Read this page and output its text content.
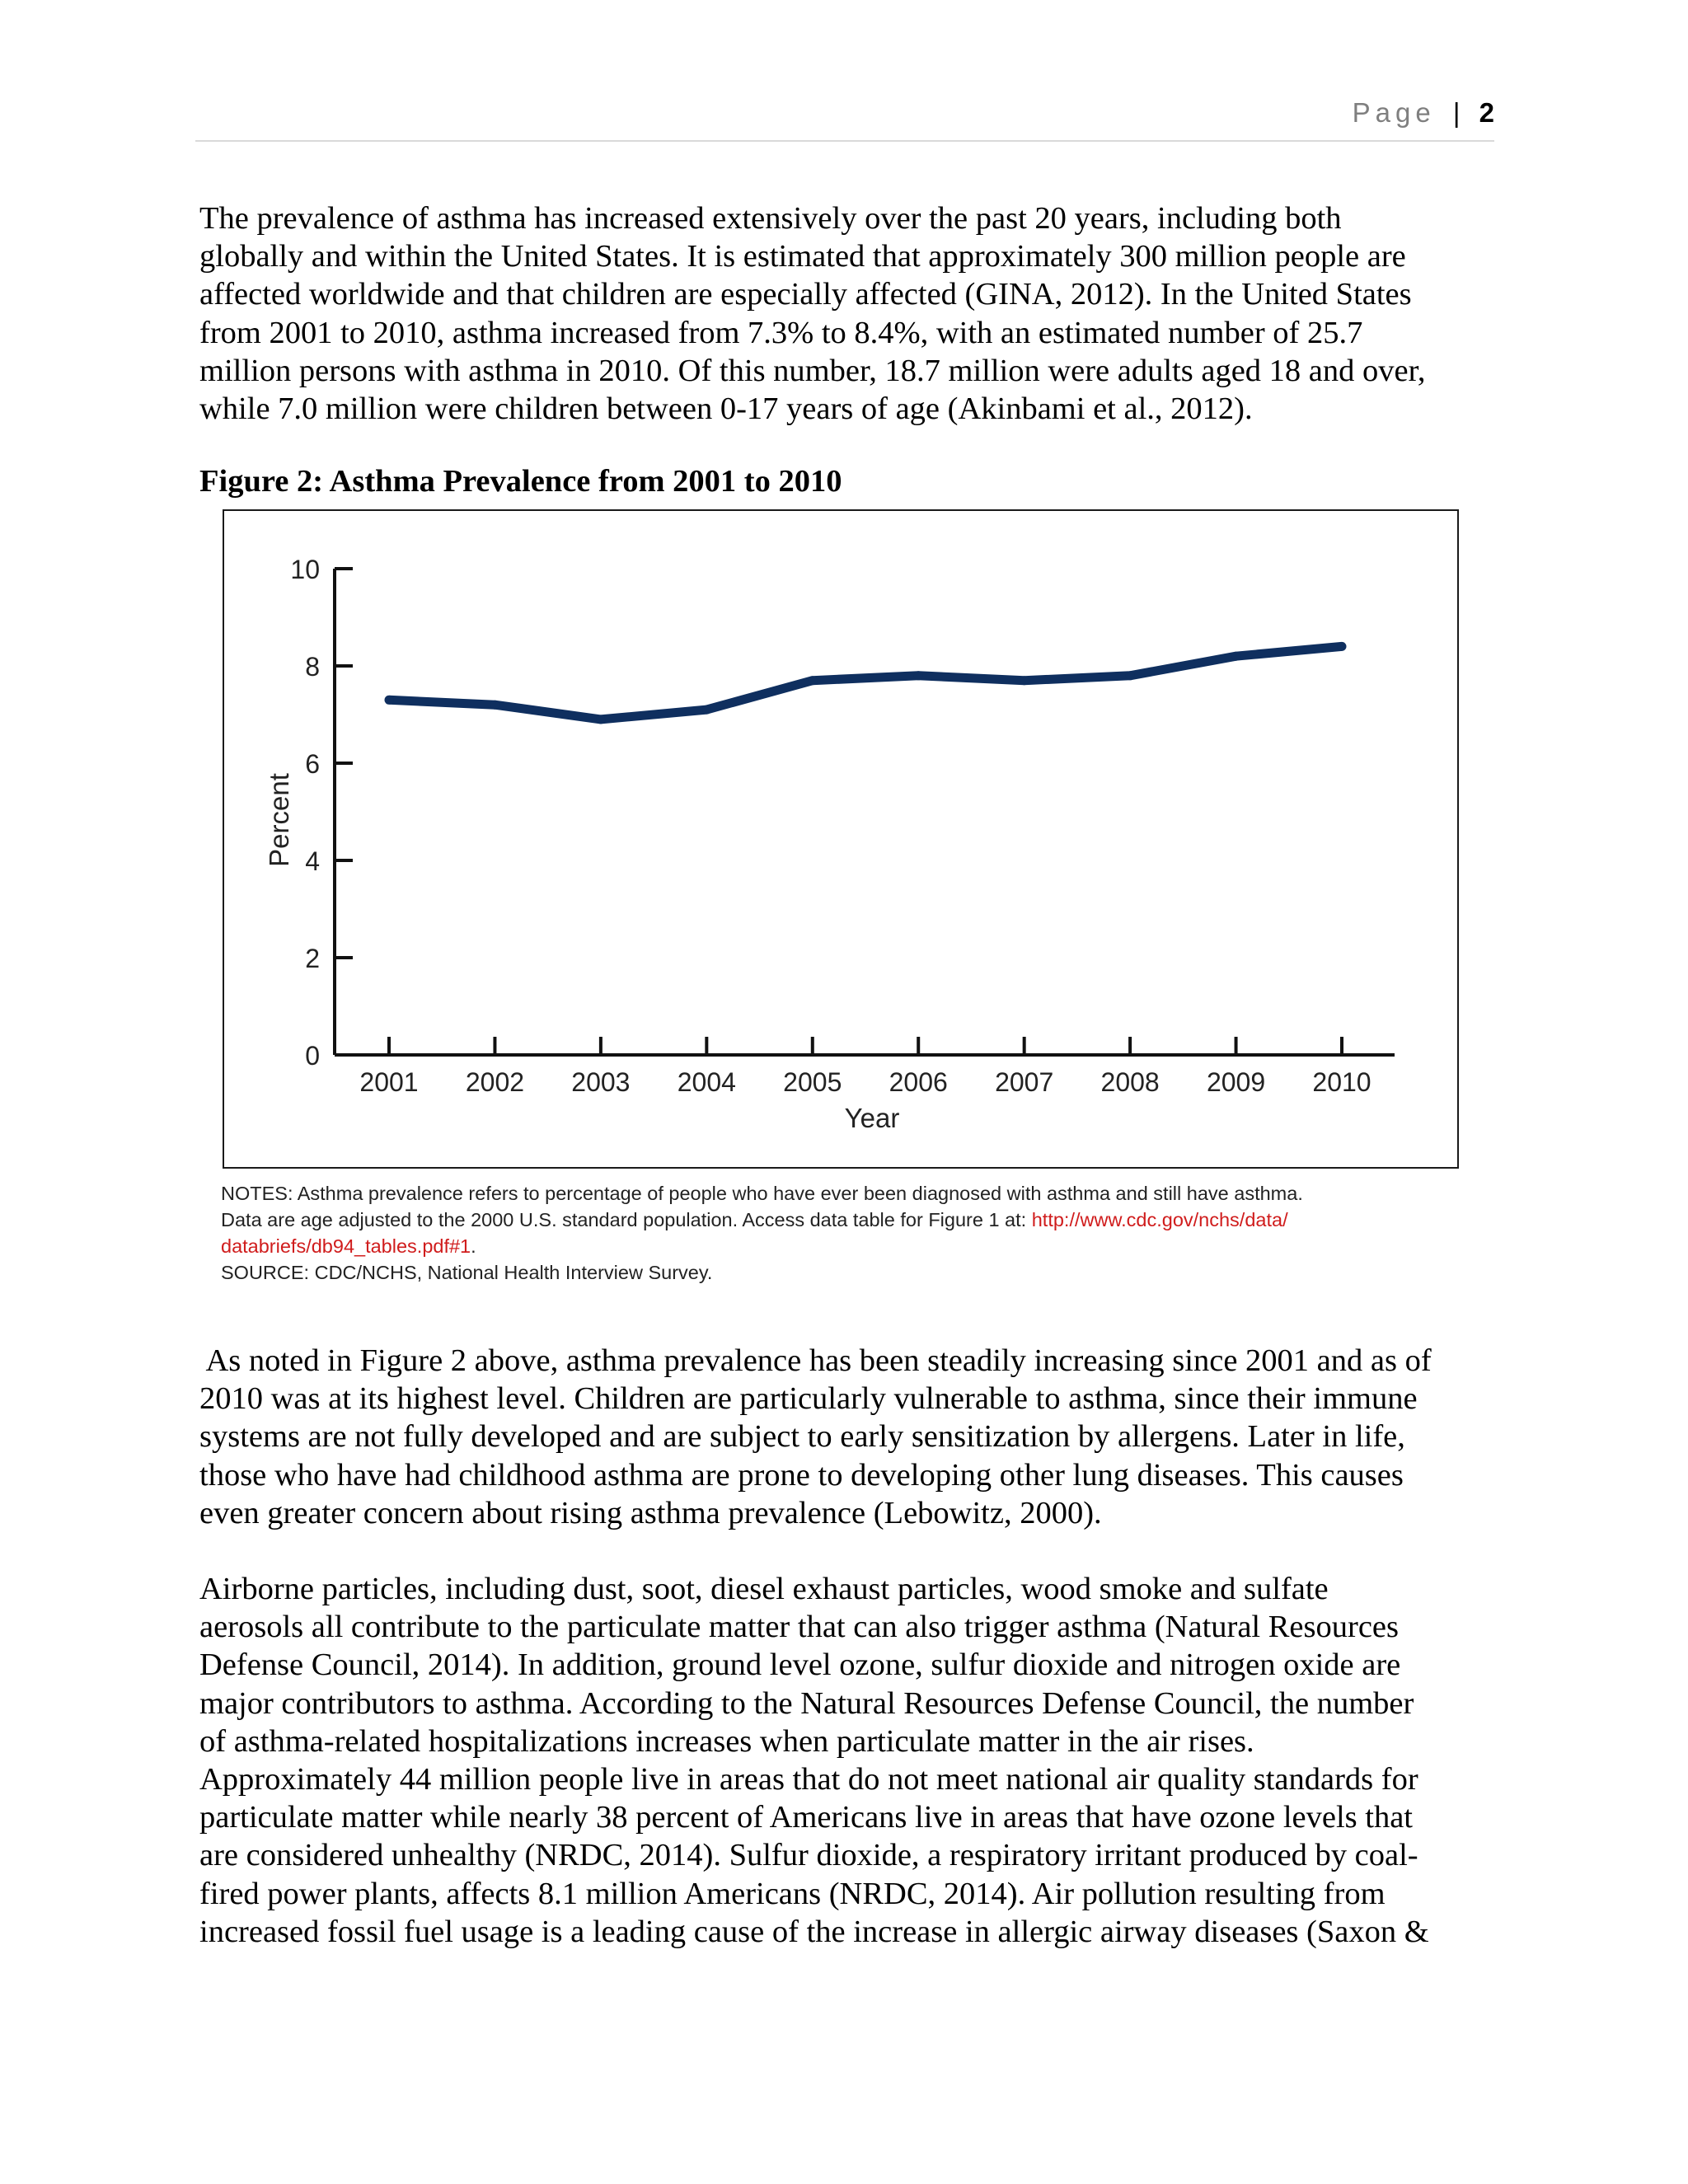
Page | 2
The prevalence of asthma has increased extensively over the past 20 years, including both
globally and within the United States. It is estimated that approximately 300 million people are
affected worldwide and that children are especially affected (GINA, 2012). In the United States
from 2001 to 2010, asthma increased from 7.3% to 8.4%, with an estimated number of 25.7
million persons with asthma in 2010. Of this number, 18.7 million were adults aged 18 and over,
while 7.0 million were children between 0-17 years of age (Akinbami et al., 2012).
Figure 2: Asthma Prevalence from 2001 to 2010
0
2
4
6
8
10
2001 2002 2003 2004 2005 2006 2007 2008 2009 2010
Year
Percent
NOTES: Asthma prevalence refers to percentage of people who have ever been diagnosed with asthma and still have asthma.
Data are age adjusted to the 2000 U.S. standard population. Access data table for Figure 1 at: http://www.cdc.gov/nchs/data/
databriefs/db94_tables.pdf#1.
SOURCE: CDC/NCHS, National Health Interview Survey.
As noted in Figure 2 above, asthma prevalence has been steadily increasing since 2001 and as of
2010 was at its highest level. Children are particularly vulnerable to asthma, since their immune
systems are not fully developed and are subject to early sensitization by allergens. Later in life,
those who have had childhood asthma are prone to developing other lung diseases. This causes
even greater concern about rising asthma prevalence (Lebowitz, 2000).
Airborne particles, including dust, soot, diesel exhaust particles, wood smoke and sulfate
aerosols all contribute to the particulate matter that can also trigger asthma (Natural Resources
Defense Council, 2014). In addition, ground level ozone, sulfur dioxide and nitrogen oxide are
major contributors to asthma. According to the Natural Resources Defense Council, the number
of asthma-related hospitalizations increases when particulate matter in the air rises.
Approximately 44 million people live in areas that do not meet national air quality standards for
particulate matter while nearly 38 percent of Americans live in areas that have ozone levels that
are considered unhealthy (NRDC, 2014). Sulfur dioxide, a respiratory irritant produced by coal-
fired power plants, affects 8.1 million Americans (NRDC, 2014). Air pollution resulting from
increased fossil fuel usage is a leading cause of the increase in allergic airway diseases (Saxon &
